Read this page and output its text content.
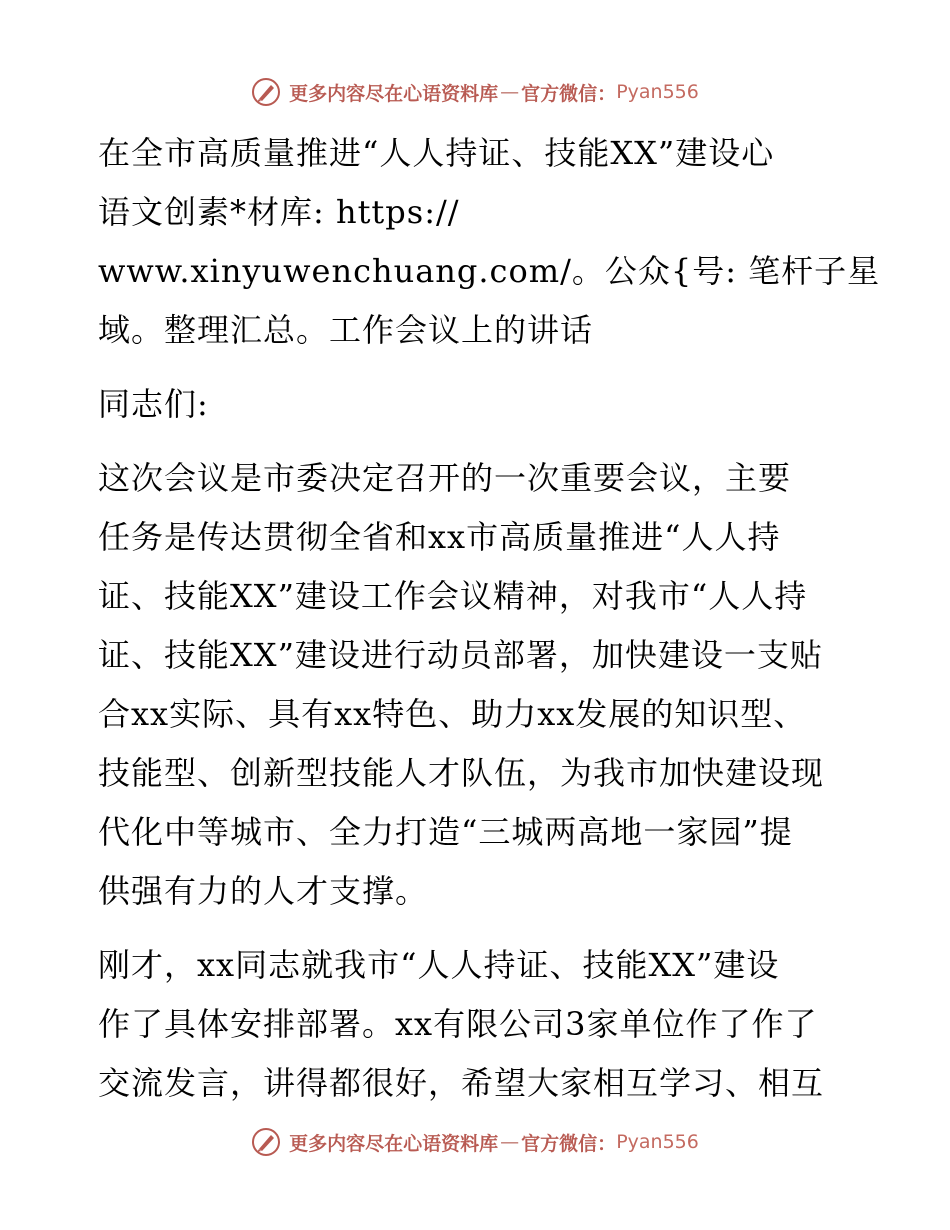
更多内容尽在心语资料库 — 官方微信： Pyan556

在全市高质量推进“人人持证、技能XX”建设心
语文创素*材库: https://
www.xinyuwenchuang.com/。公众{号: 笔杆子星
域。整理汇总。工作会议上的讲话

同志们:

这次会议是市委决定召开的一次重要会议，主要
任务是传达贯彻全省和xx市高质量推进“人人持
证、技能XX”建设工作会议精神，对我市“人人持
证、技能XX”建设进行动员部署，加快建设一支贴
合xx实际、具有xx特色、助力xx发展的知识型、
技能型、创新型技能人才队伍，为我市加快建设现
代化中等城市、全力打造“三城两高地一家园”提
供强有力的人才支撑。

刚才，xx同志就我市“人人持证、技能XX”建设
作了具体安排部署。xx有限公司3家单位作了作了
交流发言，讲得都很好，希望大家相互学习、相互

更多内容尽在心语资料库 — 官方微信： Pyan556
